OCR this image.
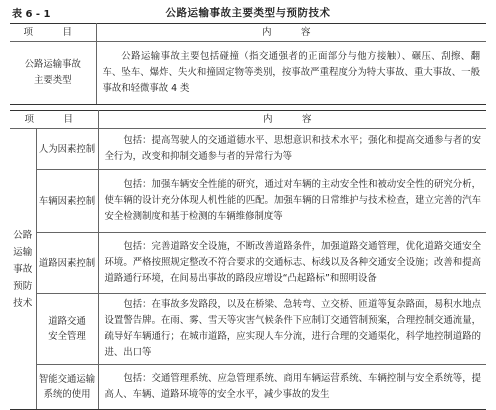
表 6 - 1	公路运输事故主要类型与预防技术
项　目	内　容

公路运输事故
主要类型	公路运输事故主要包括碰撞（指交通强者的正面部分与他方接触）、碾压、刮擦、翻车、坠车、爆炸、失火和撞固定物等类别，按事故严重程度分为特大事故、重大事故、一般事故和轻微事故 4 类
项　目		内　容

公路
运输
事故
预防
技术	人为因素控制	包括：提高驾驶人的交通道德水平、思想意识和技术水平；强化和提高交通参与者的安全行为，改变和抑制交通参与者的异常行为等

	车辆因素控制	包括：加强车辆安全性能的研究，通过对车辆的主动安全性和被动安全性的研究分析，使车辆的设计充分体现人机性能的匹配。加强车辆的日常维护与技术检查，建立完善的汽车安全检测制度和基于检测的车辆维修制度等

	道路因素控制	包括：完善道路安全设施，不断改善道路条件，加强道路交通管理，优化道路交通安全环境。严格按照规定整改不符合要求的交通标志、标线以及各种交通安全设施；改善和提高道路通行环境，在间易出事故的路段应增设“凸起路标”和照明设备

	道路交通
安全管理	包括：在事故多发路段，以及在桥梁、急转弯、立交桥、匝道等复杂路面，易积水地点设置警告牌。在雨、雾、雪天等灾害气候条件下应制订交通管制预案，合理控制交通流量，疏导好车辆通行；在城市道路，应实现人车分流，进行合理的交通渠化，科学地控制道路的进、出口等

	智能交通运输
系统的使用	包括：交通管理系统、应急管理系统、商用车辆运营系统、车辆控制与安全系统等，提高人、车辆、道路环境等的安全水平，减少事故的发生
